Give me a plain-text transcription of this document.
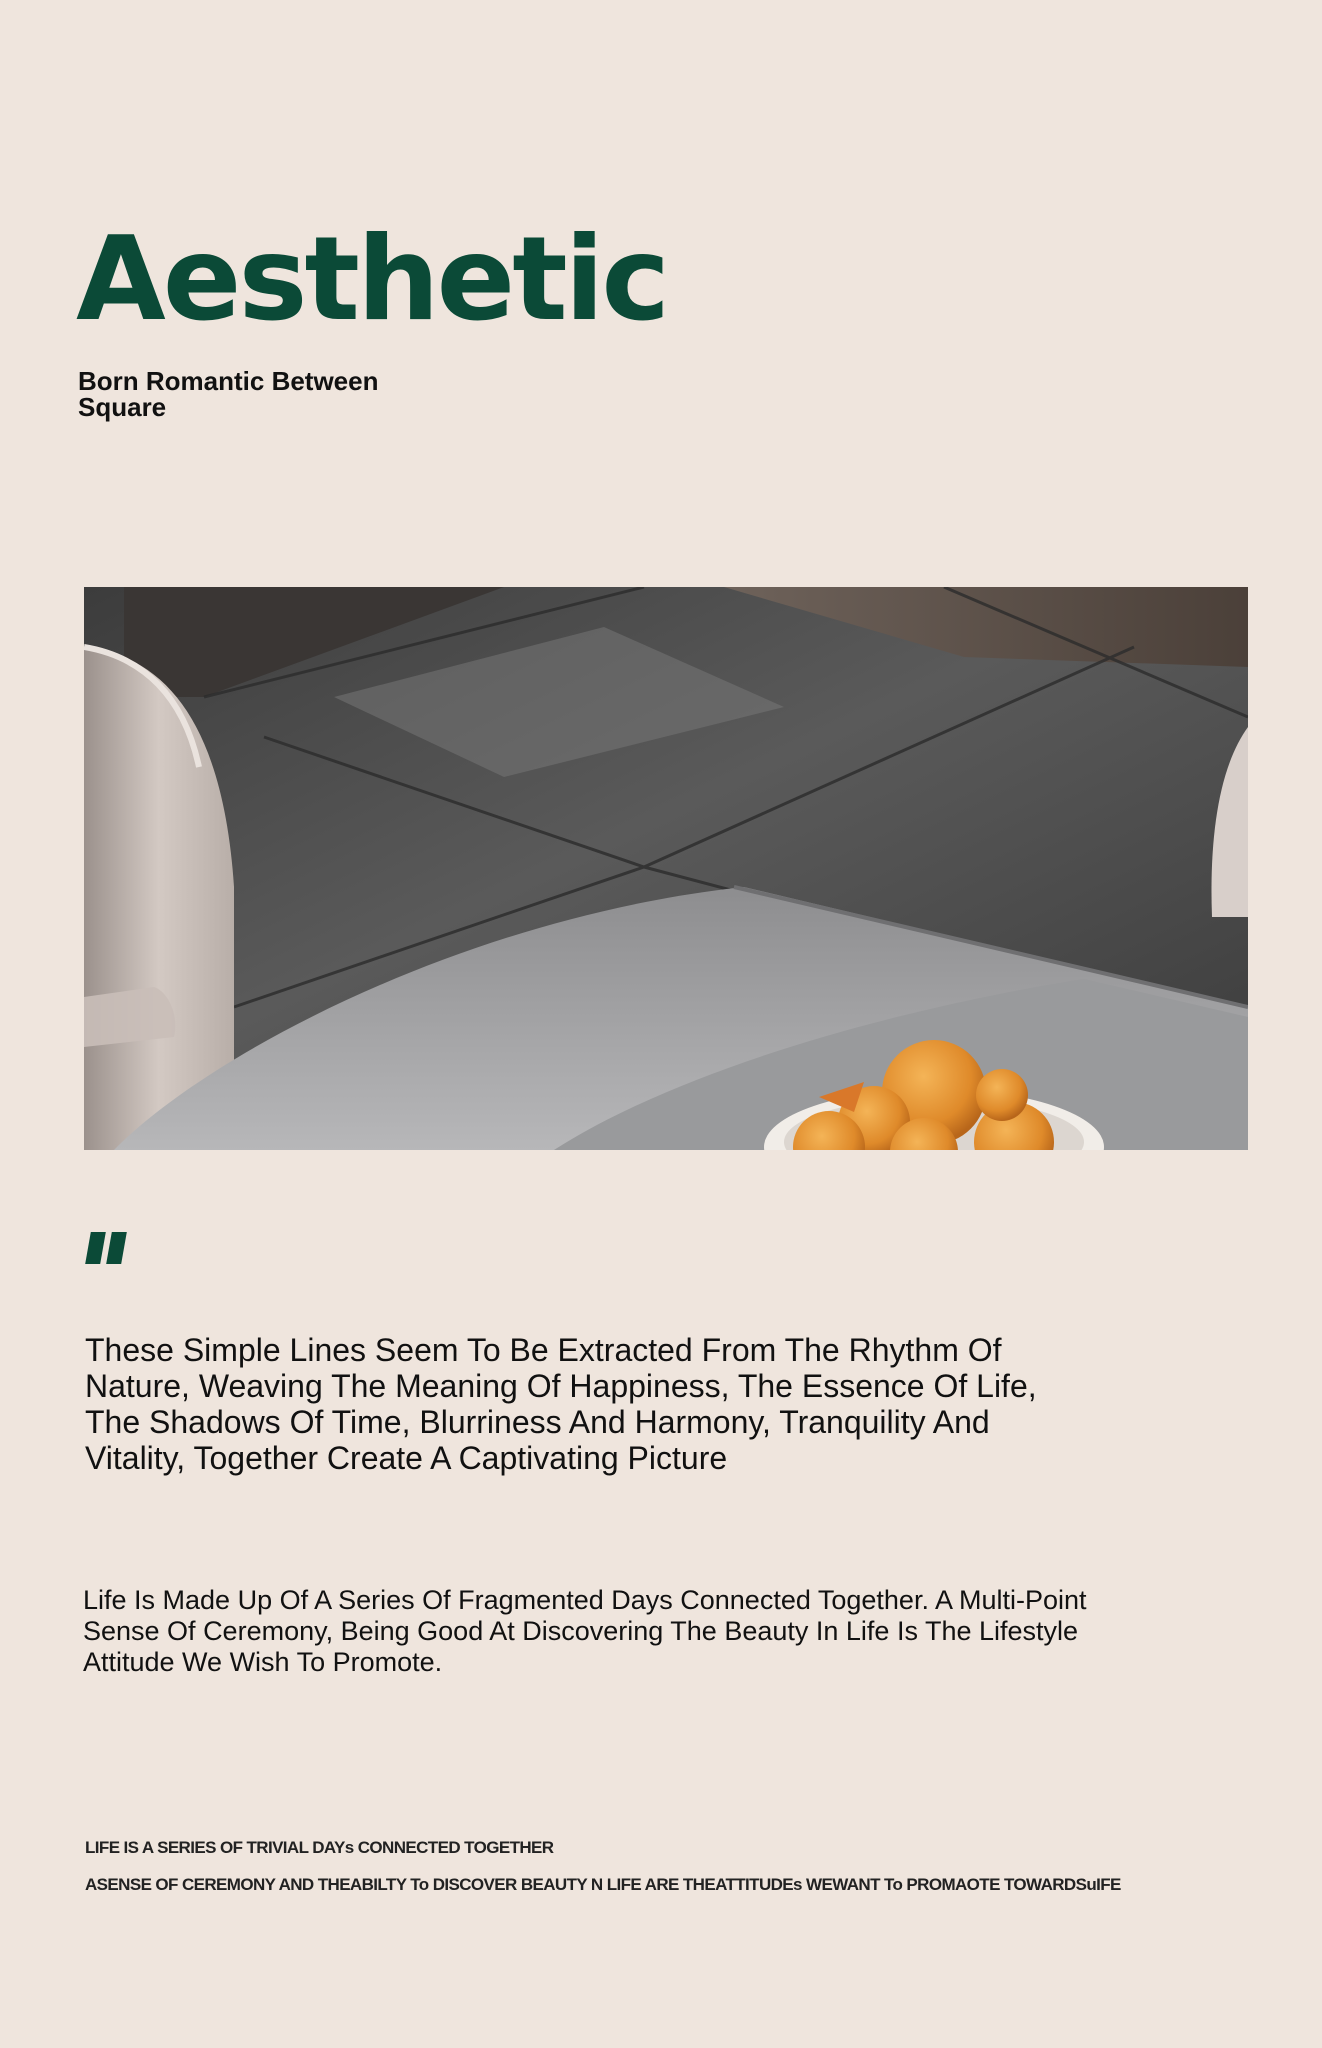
Aesthetic

Born Romantic Between Square

These Simple Lines Seem To Be Extracted From The Rhythm Of Nature, Weaving The Meaning Of Happiness, The Essence Of Life, The Shadows Of Time, Blurriness And Harmony, Tranquility And Vitality, Together Create A Captivating Picture

Life Is Made Up Of A Series Of Fragmented Days Connected Together. A Multi-Point Sense Of Ceremony, Being Good At Discovering The Beauty In Life Is The Lifestyle Attitude We Wish To Promote.

LIFE IS A SERIES OF TRIVIAL DAYs CONNECTED TOGETHER

ASENSE OF CEREMONY AND THEABILTY To DISCOVER BEAUTY N LIFE ARE THEATTITUDEs WEWANT To PROMAOTE TOWARDSuIFE
